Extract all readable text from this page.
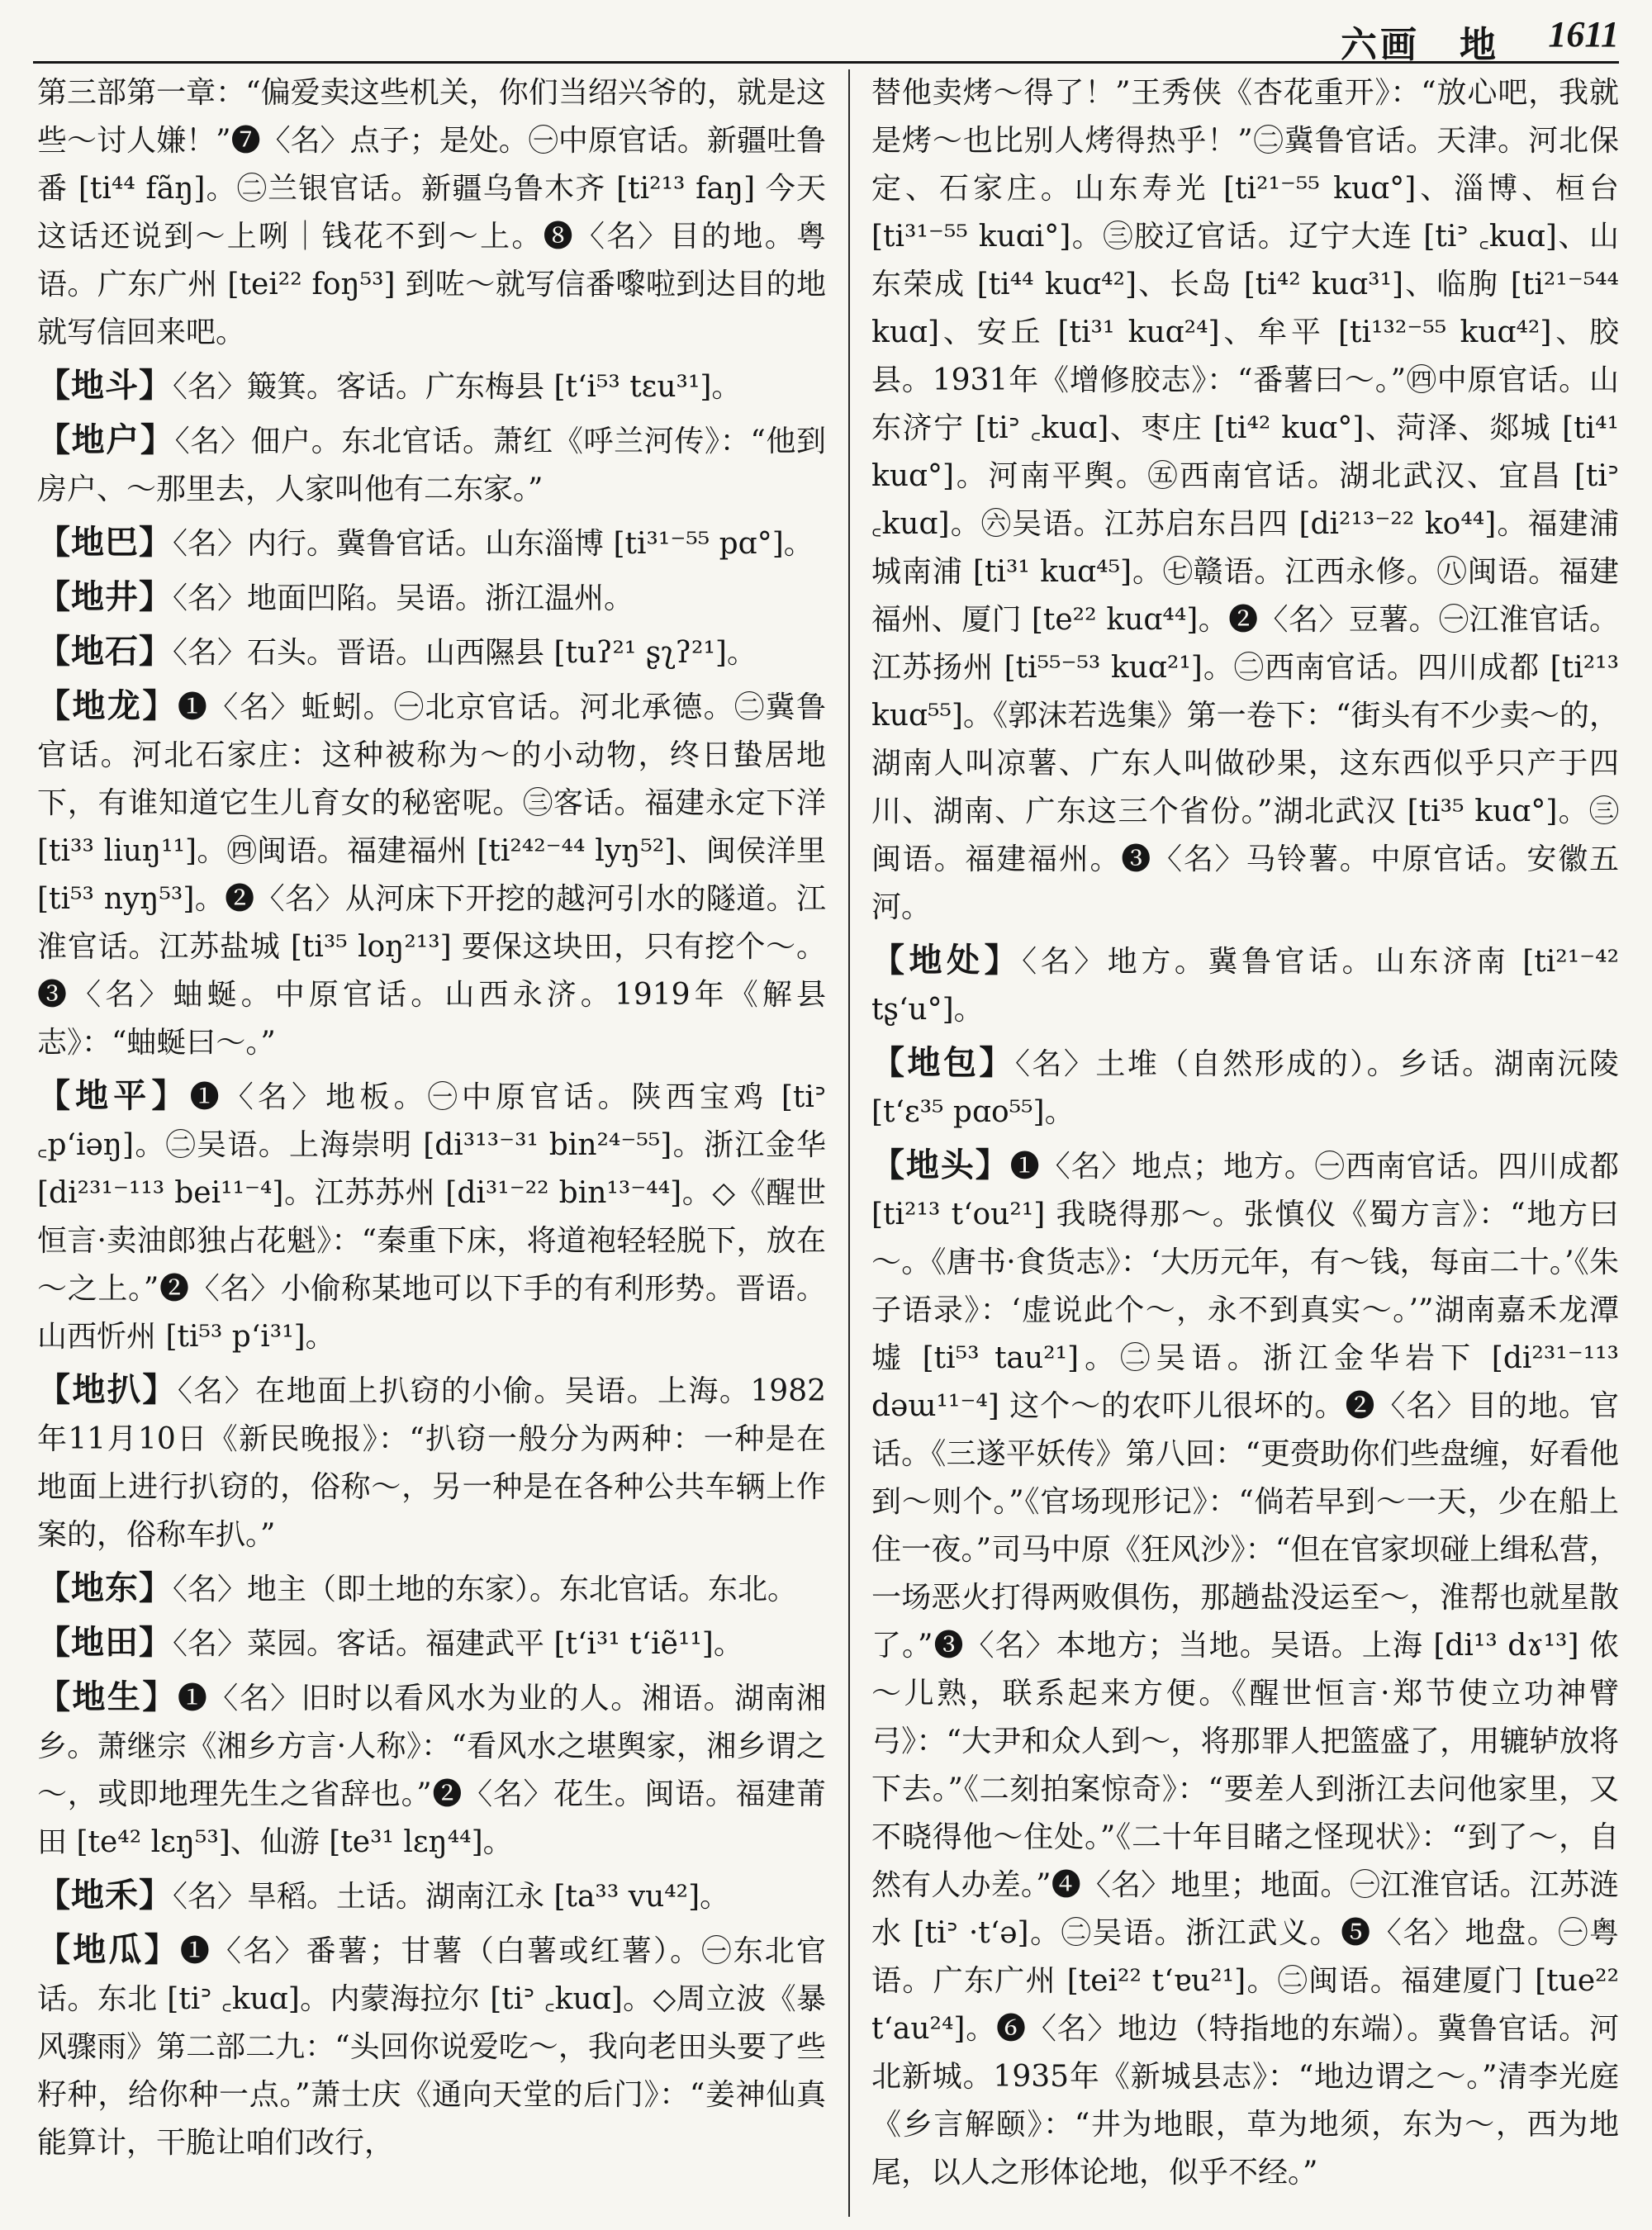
六画　地 1611

第三部第一章：“偏爱卖这些机关，你们当绍兴爷的，就是这些～讨人嫌！”❼〈名〉点子；是处。㊀中原官话。新疆吐鲁番 [ti⁴⁴ fãŋ]。㊁兰银官话。新疆乌鲁木齐 [ti²¹³ faŋ] 今天这话还说到～上咧｜钱花不到～上。❽〈名〉目的地。粤语。广东广州 [tei²² foŋ⁵³] 到咗～就写信番嚟啦到达目的地就写信回来吧。

【地斗】〈名〉簸箕。客话。广东梅县 [tʻi⁵³ tɛu³¹]。

【地户】〈名〉佃户。东北官话。萧红《呼兰河传》：“他到房户、～那里去，人家叫他有二东家。”

【地巴】〈名〉内行。冀鲁官话。山东淄博 [ti³¹⁻⁵⁵ pɑ°]。

【地井】〈名〉地面凹陷。吴语。浙江温州。

【地石】〈名〉石头。晋语。山西隰县 [tuʔ²¹ ʂʅʔ²¹]。

【地龙】❶〈名〉蚯蚓。㊀北京官话。河北承德。㊁冀鲁官话。河北石家庄：这种被称为～的小动物，终日蛰居地下，有谁知道它生儿育女的秘密呢。㊂客话。福建永定下洋 [ti³³ liuŋ¹¹]。㊃闽语。福建福州 [ti²⁴²⁻⁴⁴ lyŋ⁵²]、闽侯洋里 [ti⁵³ nyŋ⁵³]。❷〈名〉从河床下开挖的越河引水的隧道。江淮官话。江苏盐城 [ti³⁵ loŋ²¹³] 要保这块田，只有挖个～。❸〈名〉蚰蜒。中原官话。山西永济。1919年《解县志》：“蚰蜒曰～。”

【地平】❶〈名〉地板。㊀中原官话。陕西宝鸡 [tiᐣ ꜀pʻiəŋ]。㊁吴语。上海崇明 [di³¹³⁻³¹ bin²⁴⁻⁵⁵]。浙江金华 [di²³¹⁻¹¹³ bei¹¹⁻⁴]。江苏苏州 [di³¹⁻²² bin¹³⁻⁴⁴]。◇《醒世恒言·卖油郎独占花魁》：“秦重下床，将道袍轻轻脱下，放在～之上。”❷〈名〉小偷称某地可以下手的有利形势。晋语。山西忻州 [ti⁵³ pʻi³¹]。

【地扒】〈名〉在地面上扒窃的小偷。吴语。上海。1982年11月10日《新民晚报》：“扒窃一般分为两种：一种是在地面上进行扒窃的，俗称～，另一种是在各种公共车辆上作案的，俗称车扒。”

【地东】〈名〉地主（即土地的东家）。东北官话。东北。

【地田】〈名〉菜园。客话。福建武平 [tʻi³¹ tʻiẽ¹¹]。

【地生】❶〈名〉旧时以看风水为业的人。湘语。湖南湘乡。萧继宗《湘乡方言·人称》：“看风水之堪舆家，湘乡谓之～，或即地理先生之省辞也。”❷〈名〉花生。闽语。福建莆田 [te⁴² lɛŋ⁵³]、仙游 [te³¹ lɛŋ⁴⁴]。

【地禾】〈名〉旱稻。土话。湖南江永 [ta³³ vu⁴²]。

【地瓜】❶〈名〉番薯；甘薯（白薯或红薯）。㊀东北官话。东北 [tiᐣ ꜀kuɑ]。内蒙海拉尔 [tiᐣ ꜀kuɑ]。◇周立波《暴风骤雨》第二部二九：“头回你说爱吃～，我向老田头要了些籽种，给你种一点。”萧士庆《通向天堂的后门》：“姜神仙真能算计，干脆让咱们改行，

替他卖烤～得了！”王秀侠《杏花重开》：“放心吧，我就是烤～也比别人烤得热乎！”㊁冀鲁官话。天津。河北保定、石家庄。山东寿光 [ti²¹⁻⁵⁵ kuɑ°]、淄博、桓台 [ti³¹⁻⁵⁵ kuɑi°]。㊂胶辽官话。辽宁大连 [tiᐣ ꜀kuɑ]、山东荣成 [ti⁴⁴ kuɑ⁴²]、长岛 [ti⁴² kuɑ³¹]、临朐 [ti²¹⁻⁵⁴⁴ kuɑ]、安丘 [ti³¹ kuɑ²⁴]、牟平 [ti¹³²⁻⁵⁵ kuɑ⁴²]、胶县。1931年《增修胶志》：“番薯曰～。”㊃中原官话。山东济宁 [tiᐣ ꜀kuɑ]、枣庄 [ti⁴² kuɑ°]、菏泽、郯城 [ti⁴¹ kuɑ°]。河南平舆。㊄西南官话。湖北武汉、宜昌 [tiᐣ ꜀kuɑ]。㊅吴语。江苏启东吕四 [di²¹³⁻²² ko⁴⁴]。福建浦城南浦 [ti³¹ kuɑ⁴⁵]。㊆赣语。江西永修。㊇闽语。福建福州、厦门 [te²² kuɑ⁴⁴]。❷〈名〉豆薯。㊀江淮官话。江苏扬州 [ti⁵⁵⁻⁵³ kuɑ²¹]。㊁西南官话。四川成都 [ti²¹³ kuɑ⁵⁵]。《郭沫若选集》第一卷下：“街头有不少卖～的，湖南人叫凉薯、广东人叫做砂果，这东西似乎只产于四川、湖南、广东这三个省份。”湖北武汉 [ti³⁵ kuɑ°]。㊂闽语。福建福州。❸〈名〉马铃薯。中原官话。安徽五河。

【地处】〈名〉地方。冀鲁官话。山东济南 [ti²¹⁻⁴² tʂʻu°]。

【地包】〈名〉土堆（自然形成的）。乡话。湖南沅陵 [tʻɛ³⁵ pɑo⁵⁵]。

【地头】❶〈名〉地点；地方。㊀西南官话。四川成都 [ti²¹³ tʻou²¹] 我晓得那～。张慎仪《蜀方言》：“地方曰～。《唐书·食货志》：‘大历元年，有～钱，每亩二十。’《朱子语录》：‘虚说此个～，永不到真实～。’”湖南嘉禾龙潭墟 [ti⁵³ tau²¹]。㊁吴语。浙江金华岩下 [di²³¹⁻¹¹³ dəɯ¹¹⁻⁴] 这个～的农吓儿很坏的。❷〈名〉目的地。官话。《三遂平妖传》第八回：“更赍助你们些盘缠，好看他到～则个。”《官场现形记》：“倘若早到～一天，少在船上住一夜。”司马中原《狂风沙》：“但在官家坝碰上缉私营，一场恶火打得两败俱伤，那趟盐没运至～，淮帮也就星散了。”❸〈名〉本地方；当地。吴语。上海 [di¹³ dɤ¹³] 侬～儿熟，联系起来方便。《醒世恒言·郑节使立功神臂弓》：“大尹和众人到～，将那罪人把篮盛了，用辘轳放将下去。”《二刻拍案惊奇》：“要差人到浙江去问他家里，又不晓得他～住处。”《二十年目睹之怪现状》：“到了～，自然有人办差。”❹〈名〉地里；地面。㊀江淮官话。江苏涟水 [tiᐣ ·tʻə]。㊁吴语。浙江武义。❺〈名〉地盘。㊀粤语。广东广州 [tei²² tʻɐu²¹]。㊁闽语。福建厦门 [tue²² tʻau²⁴]。❻〈名〉地边（特指地的东端）。冀鲁官话。河北新城。1935年《新城县志》：“地边谓之～。”清李光庭《乡言解颐》：“井为地眼，草为地须，东为～，西为地尾，以人之形体论地，似乎不经。”
